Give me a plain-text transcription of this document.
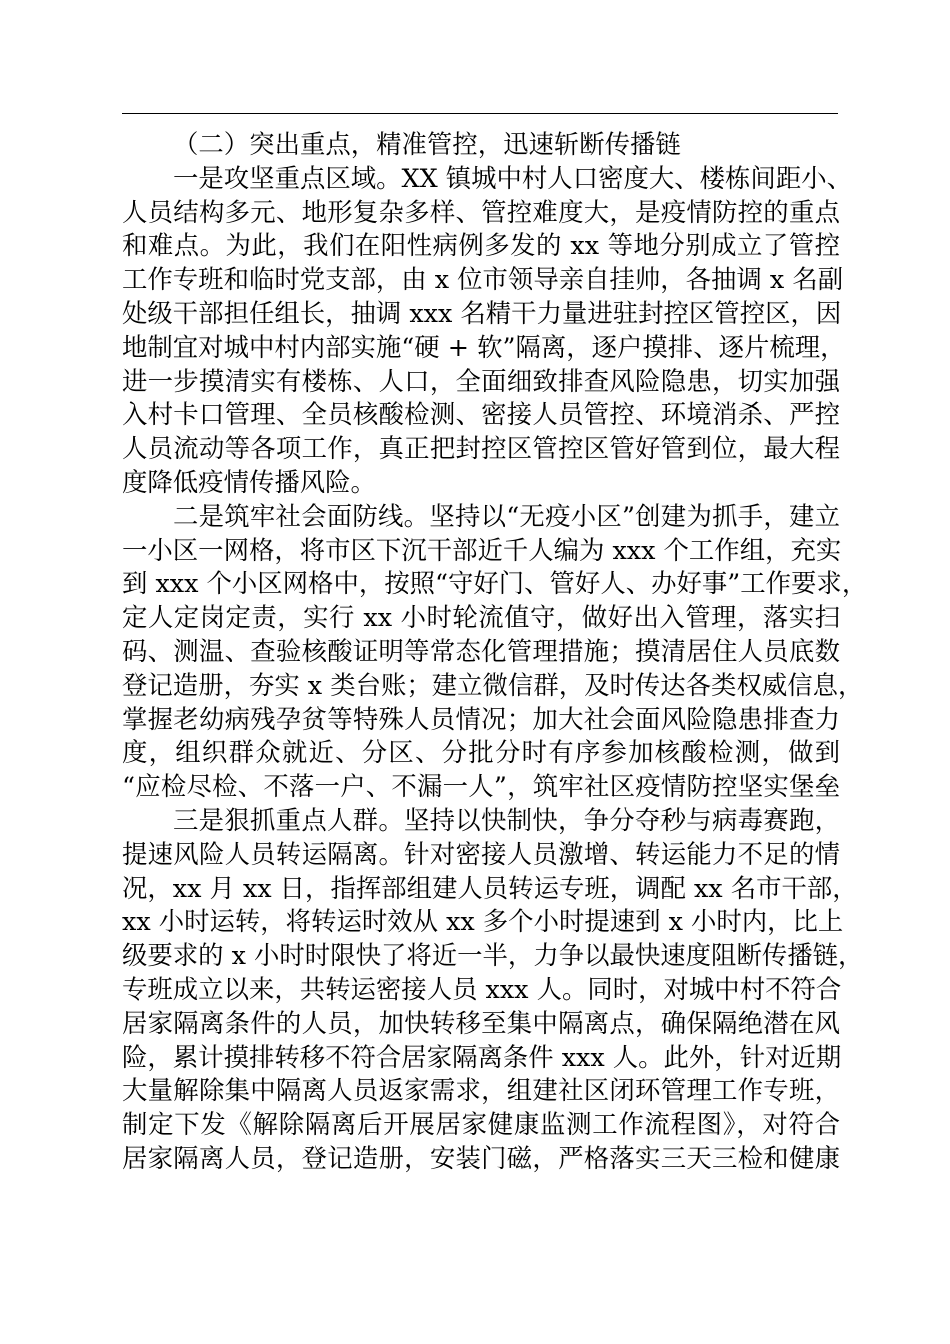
（二）突出重点，精准管控，迅速斩断传播链
一是攻坚重点区域。XX 镇城中村人口密度大、楼栋间距小、
人员结构多元、地形复杂多样、管控难度大，是疫情防控的重点
和难点。为此，我们在阳性病例多发的 xx 等地分别成立了管控
工作专班和临时党支部，由 x 位市领导亲自挂帅，各抽调 x 名副
处级干部担任组长，抽调 xxx 名精干力量进驻封控区管控区，因
地制宜对城中村内部实施“硬 + 软”隔离，逐户摸排、逐片梳理，
进一步摸清实有楼栋、人口，全面细致排查风险隐患，切实加强
入村卡口管理、全员核酸检测、密接人员管控、环境消杀、严控
人员流动等各项工作，真正把封控区管控区管好管到位，最大程
度降低疫情传播风险。
二是筑牢社会面防线。坚持以“无疫小区”创建为抓手，建立
一小区一网格，将市区下沉干部近千人编为 xxx 个工作组，充实
到 xxx 个小区网格中，按照“守好门、管好人、办好事”工作要求，
定人定岗定责，实行 xx 小时轮流值守，做好出入管理，落实扫
码、测温、查验核酸证明等常态化管理措施；摸清居住人员底数
登记造册，夯实 x 类台账；建立微信群，及时传达各类权威信息，
掌握老幼病残孕贫等特殊人员情况；加大社会面风险隐患排查力
度，组织群众就近、分区、分批分时有序参加核酸检测，做到
“应检尽检、不落一户、不漏一人”，筑牢社区疫情防控坚实堡垒
三是狠抓重点人群。坚持以快制快，争分夺秒与病毒赛跑，
提速风险人员转运隔离。针对密接人员激增、转运能力不足的情
况，xx 月 xx 日，指挥部组建人员转运专班，调配 xx 名市干部，
xx 小时运转，将转运时效从 xx 多个小时提速到 x 小时内，比上
级要求的 x 小时时限快了将近一半，力争以最快速度阻断传播链，
专班成立以来，共转运密接人员 xxx 人。同时，对城中村不符合
居家隔离条件的人员，加快转移至集中隔离点，确保隔绝潜在风
险，累计摸排转移不符合居家隔离条件 xxx 人。此外，针对近期
大量解除集中隔离人员返家需求，组建社区闭环管理工作专班，
制定下发《解除隔离后开展居家健康监测工作流程图》，对符合
居家隔离人员，登记造册，安装门磁，严格落实三天三检和健康
